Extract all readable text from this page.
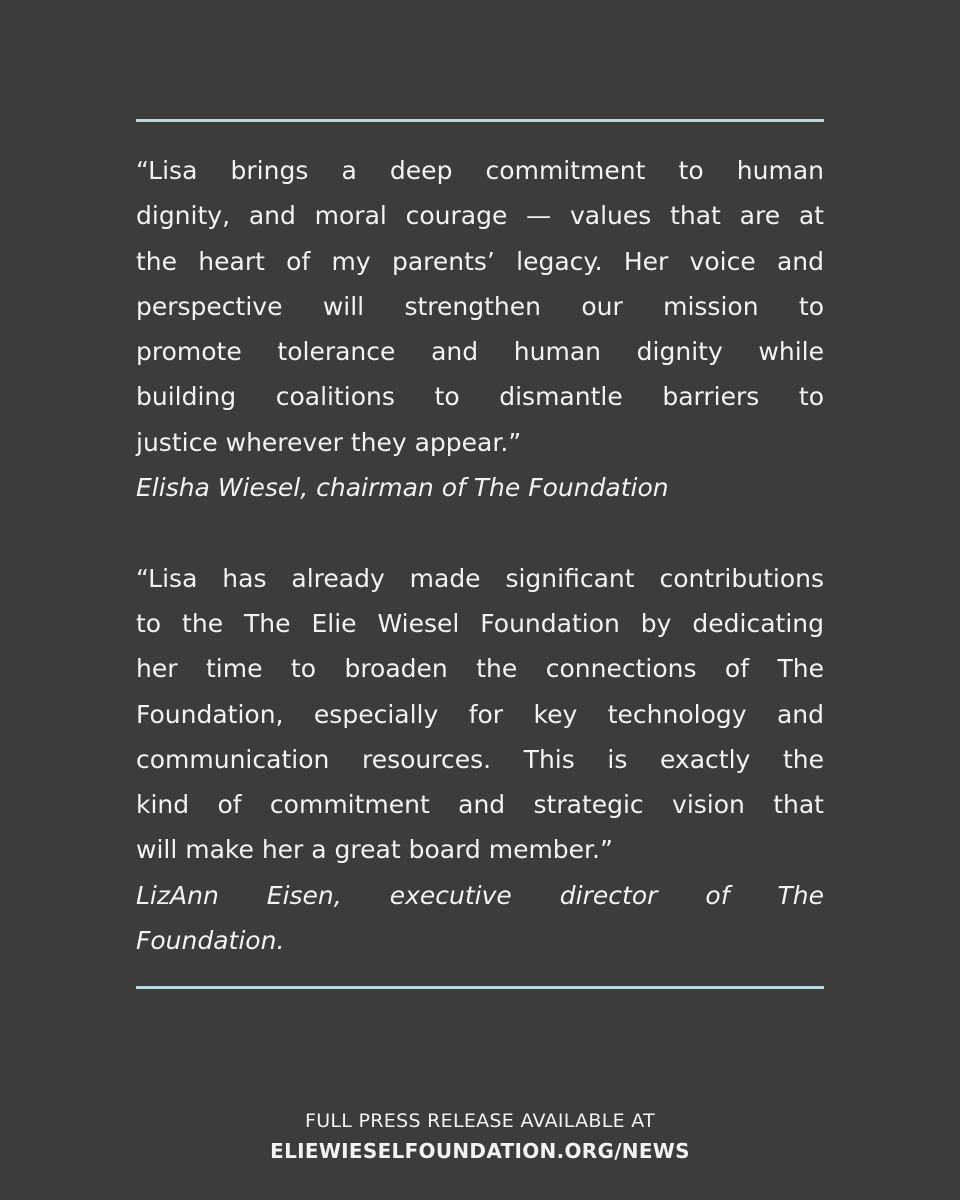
“Lisa brings a deep commitment to human
dignity, and moral courage — values that are at
the heart of my parents’ legacy. Her voice and
perspective will strengthen our mission to
promote tolerance and human dignity while
building coalitions to dismantle barriers to
justice wherever they appear.”
Elisha Wiesel, chairman of The Foundation
“Lisa has already made significant contributions
to the The Elie Wiesel Foundation by dedicating
her time to broaden the connections of The
Foundation, especially for key technology and
communication resources. This is exactly the
kind of commitment and strategic vision that
will make her a great board member.”
LizAnn Eisen, executive director of The
Foundation.
FULL PRESS RELEASE AVAILABLE AT
ELIEWIESELFOUNDATION.ORG/NEWS
